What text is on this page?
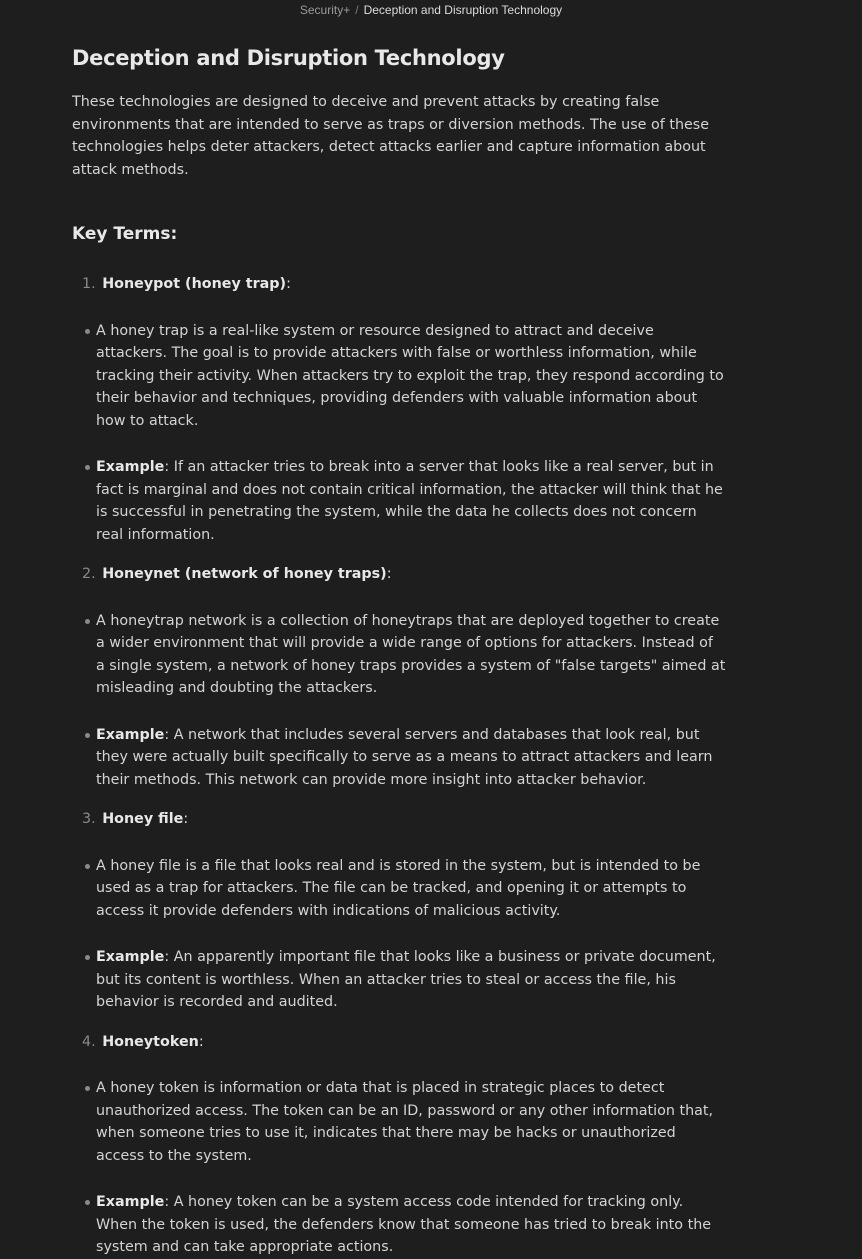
Security+ / Deception and Disruption Technology
Deception and Disruption Technology

These technologies are designed to deceive and prevent attacks by creating false environments that are intended to serve as traps or diversion methods. The use of these technologies helps deter attackers, detect attacks earlier and capture information about attack methods.

Key Terms:
1. Honeypot (honey trap):
A honey trap is a real-like system or resource designed to attract and deceive attackers. The goal is to provide attackers with false or worthless information, while tracking their activity. When attackers try to exploit the trap, they respond according to their behavior and techniques, providing defenders with valuable information about how to attack.
Example: If an attacker tries to break into a server that looks like a real server, but in fact is marginal and does not contain critical information, the attacker will think that he is successful in penetrating the system, while the data he collects does not concern real information.
2. Honeynet (network of honey traps):
A honeytrap network is a collection of honeytraps that are deployed together to create a wider environment that will provide a wide range of options for attackers. Instead of a single system, a network of honey traps provides a system of "false targets" aimed at misleading and doubting the attackers.
Example: A network that includes several servers and databases that look real, but they were actually built specifically to serve as a means to attract attackers and learn their methods. This network can provide more insight into attacker behavior.
3. Honey file:
A honey file is a file that looks real and is stored in the system, but is intended to be used as a trap for attackers. The file can be tracked, and opening it or attempts to access it provide defenders with indications of malicious activity.
Example: An apparently important file that looks like a business or private document, but its content is worthless. When an attacker tries to steal or access the file, his behavior is recorded and audited.
4. Honeytoken:
A honey token is information or data that is placed in strategic places to detect unauthorized access. The token can be an ID, password or any other information that, when someone tries to use it, indicates that there may be hacks or unauthorized access to the system.
Example: A honey token can be a system access code intended for tracking only. When the token is used, the defenders know that someone has tried to break into the system and can take appropriate actions.
